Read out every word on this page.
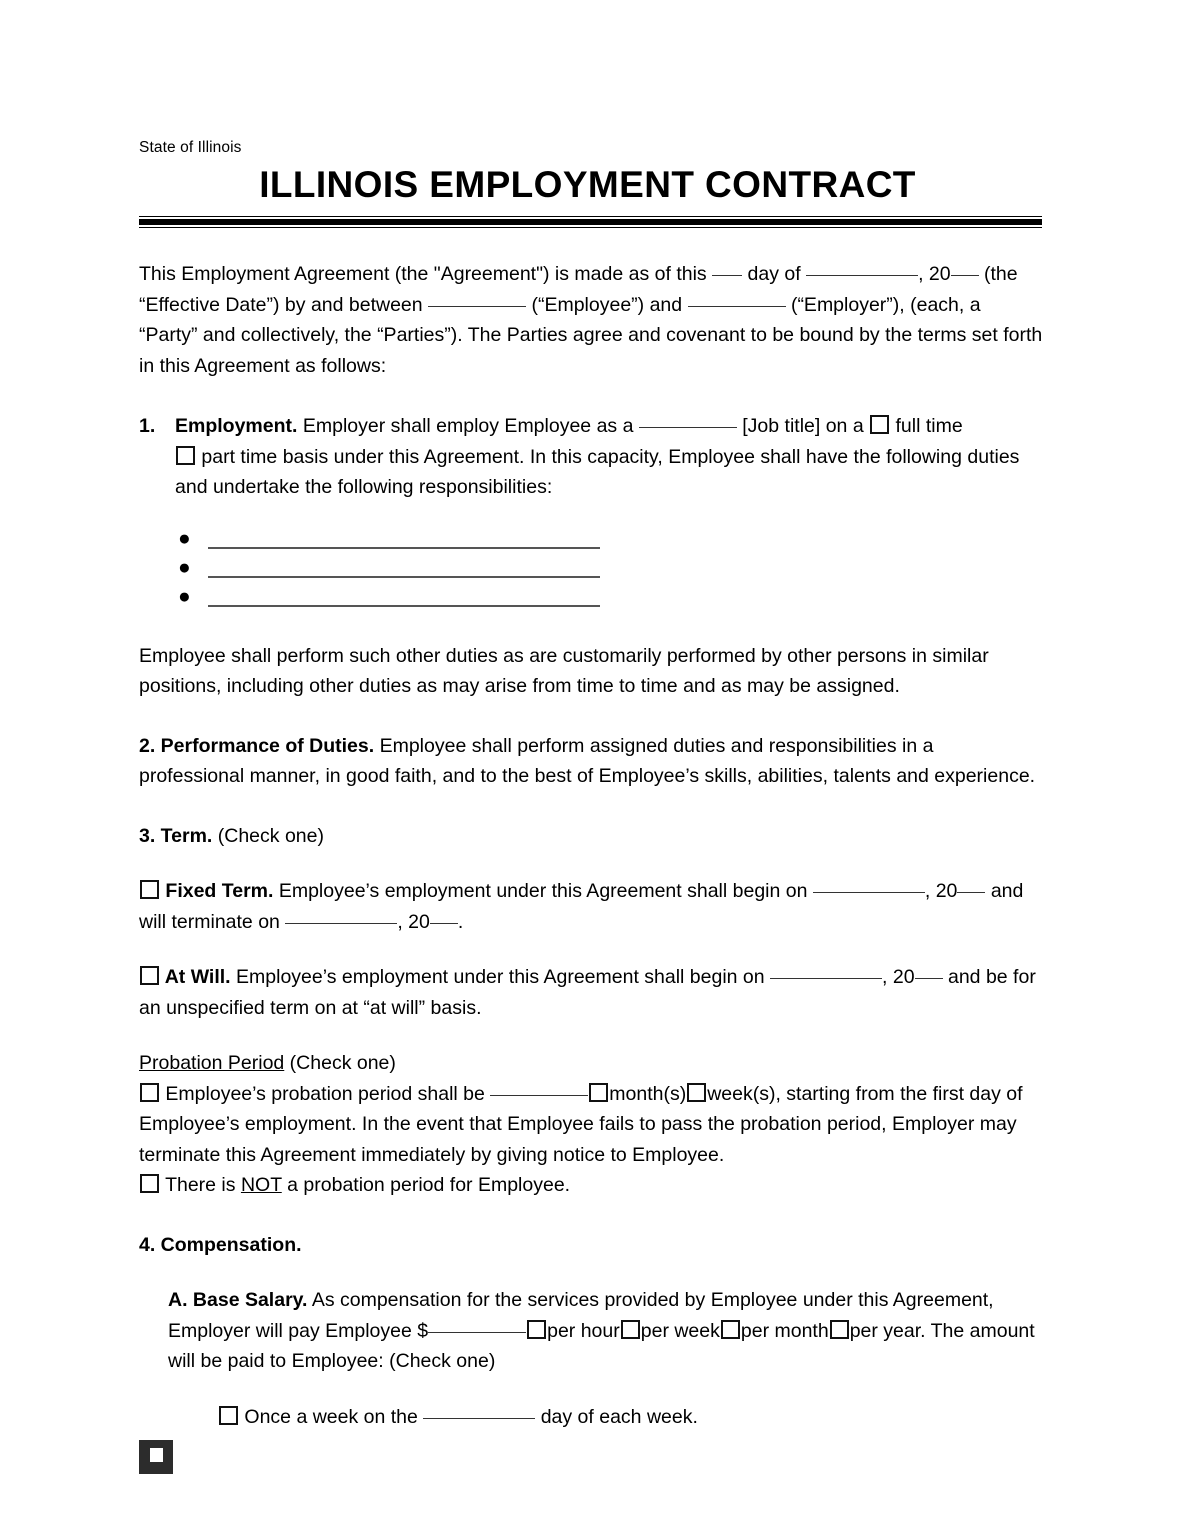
State of Illinois
ILLINOIS EMPLOYMENT CONTRACT

This Employment Agreement (the "Agreement") is made as of this  day of	, 20 (the “Effective Date”) by and between	(“Employee”) and	(“Employer”), (each, a “Party” and collectively, the “Parties”). The Parties agree and covenant to be bound by the terms set forth in this Agreement as follows:

1.	Employment. Employer shall employ Employee as a	[Job title] on a  full time
part time basis under this Agreement. In this capacity, Employee shall have the following duties and undertake the following responsibilities:
●
●
●

Employee shall perform such other duties as are customarily performed by other persons in similar positions, including other duties as may arise from time to time and as may be assigned.

2. Performance of Duties. Employee shall perform assigned duties and responsibilities in a professional manner, in good faith, and to the best of Employee’s skills, abilities, talents and experience.

3. Term. (Check one)

Fixed Term. Employee’s employment under this Agreement shall begin on	, 20 and will terminate on	, 20 .

At Will. Employee’s employment under this Agreement shall begin on	, 20 and be for an unspecified term on at “at will” basis.

Probation Period (Check one)

Employee’s probation period shall be	month(s) week(s), starting from the first day of Employee’s employment. In the event that Employee fails to pass the probation period, Employer may terminate this Agreement immediately by giving notice to Employee.

There is NOT a probation period for Employee.

4. Compensation.

A. Base Salary. As compensation for the services provided by Employee under this Agreement, Employer will pay Employee $	per hour per week per month per year. The amount will be paid to Employee: (Check one)

Once a week on the	day of each week.
